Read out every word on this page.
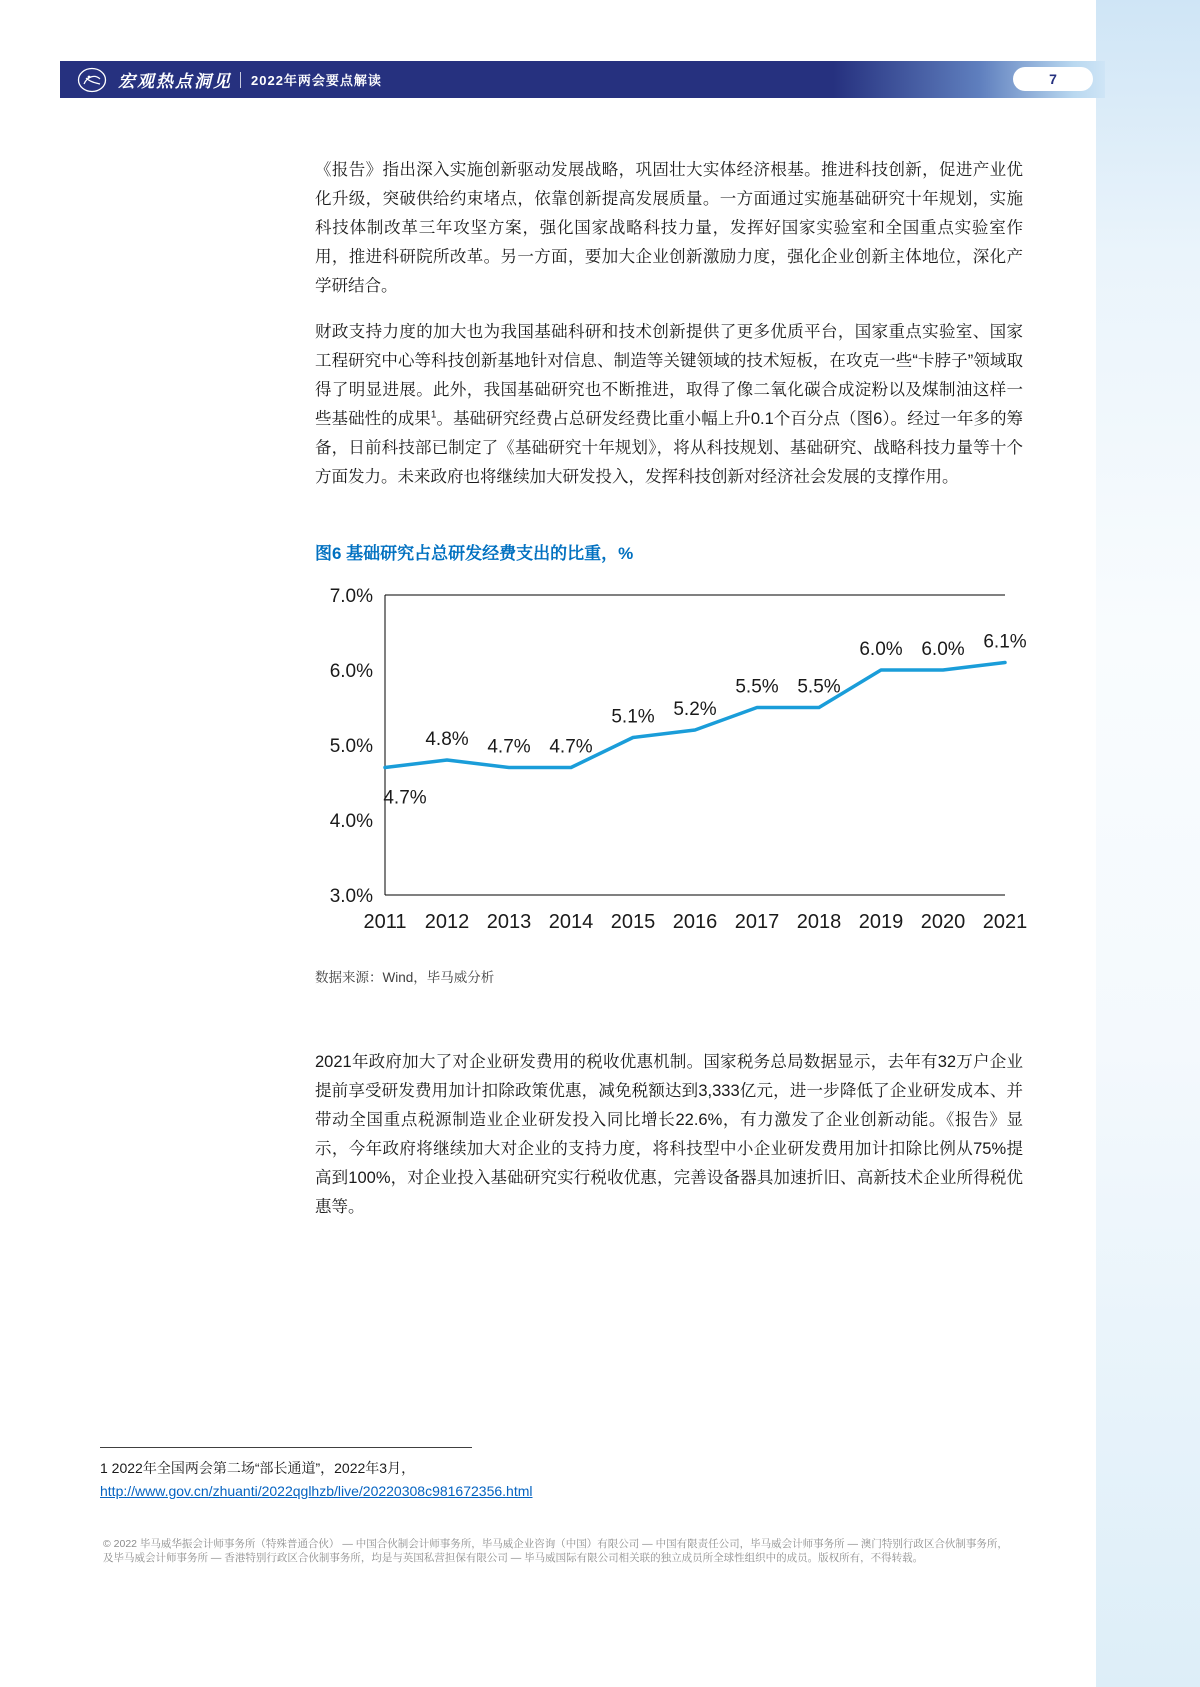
宏观热点洞见 2022年两会要点解读	7

《报告》指出深入实施创新驱动发展战略，巩固壮大实体经济根基。推进科技创新，促进产业优化升级，突破供给约束堵点，依靠创新提高发展质量。一方面通过实施基础研究十年规划，实施科技体制改革三年攻坚方案，强化国家战略科技力量，发挥好国家实验室和全国重点实验室作用，推进科研院所改革。另一方面，要加大企业创新激励力度，强化企业创新主体地位，深化产学研结合。

财政支持力度的加大也为我国基础科研和技术创新提供了更多优质平台，国家重点实验室、国家工程研究中心等科技创新基地针对信息、制造等关键领域的技术短板，在攻克一些“卡脖子”领域取得了明显进展。此外，我国基础研究也不断推进，取得了像二氧化碳合成淀粉以及煤制油这样一些基础性的成果$^1$。基础研究经费占总研发经费比重小幅上升0.1个百分点（图6）。经过一年多的筹备，日前科技部已制定了《基础研究十年规划》，将从科技规划、基础研究、战略科技力量等十个方面发力。未来政府也将继续加大研发投入，发挥科技创新对经济社会发展的支撑作用。

图6 基础研究占总研发经费支出的比重，%
7.0%
6.0%
5.0%
4.0%
3.0%
2011 2012 2013 2014 2015 2016 2017 2018 2019 2020 2021
4.7%
4.8% 4.7% 4.7%
5.1% 5.2%
5.5% 5.5%
6.0% 6.0% 6.1%
数据来源：Wind，毕马威分析

2021年政府加大了对企业研发费用的税收优惠机制。国家税务总局数据显示，去年有32万户企业提前享受研发费用加计扣除政策优惠，减免税额达到3,333亿元，进一步降低了企业研发成本、并带动全国重点税源制造业企业研发投入同比增长22.6%，有力激发了企业创新动能。《报告》显示，今年政府将继续加大对企业的支持力度，将科技型中小企业研发费用加计扣除比例从75%提高到100%，对企业投入基础研究实行税收优惠，完善设备器具加速折旧、高新技术企业所得税优惠等。

1 2022年全国两会第二场“部长通道”，2022年3月，
http://www.gov.cn/zhuanti/2022qglhzb/live/20220308c981672356.html
© 2022 毕马威华振会计师事务所（特殊普通合伙） — 中国合伙制会计师事务所，毕马威企业咨询（中国）有限公司 — 中国有限责任公司，毕马威会计师事务所 — 澳门特别行政区合伙制事务所，
及毕马威会计师事务所 — 香港特别行政区合伙制事务所，均是与英国私营担保有限公司 — 毕马威国际有限公司相关联的独立成员所全球性组织中的成员。版权所有，不得转载。
